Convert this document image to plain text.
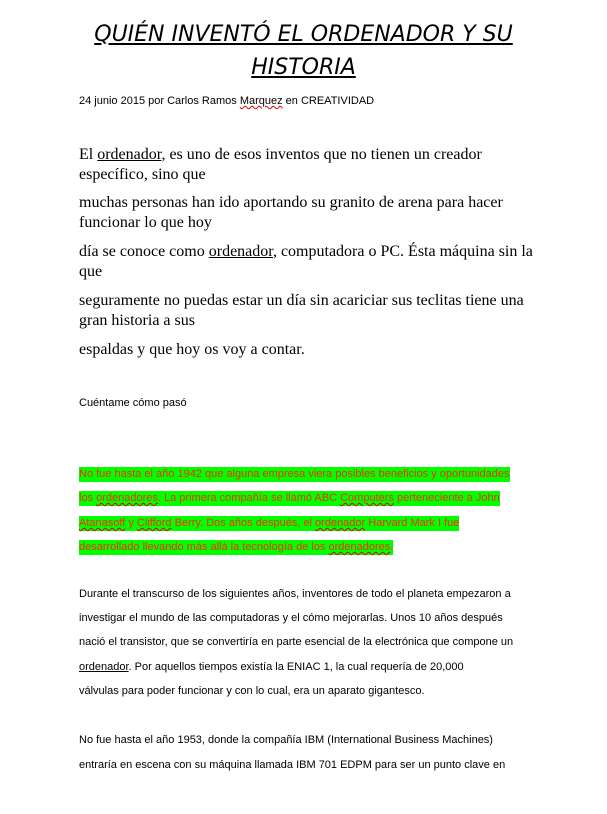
QUIÉN INVENTÓ EL ORDENADOR Y SU
HISTORIA
24 junio 2015 por Carlos Ramos Marquez en CREATIVIDAD
El ordenador, es uno de esos inventos que no tienen un creador específico, sino que
muchas personas han ido aportando su granito de arena para hacer funcionar lo que hoy
día se conoce como ordenador, computadora o PC. Ésta máquina sin la que
seguramente no puedas estar un día sin acariciar sus teclitas tiene una gran historia a sus
espaldas y que hoy os voy a contar.
Cuéntame cómo pasó
No fue hasta el año 1942 que alguna empresa viera posibles beneficios y oportunidades
los ordenadores. La primera compañía se llamó ABC Computers perteneciente a John
Atanasoff y Clifford Berry. Dos años después, el ordenador Harvard Mark I fue
desarrollado llevando más allá la tecnología de los ordenadores.
Durante el transcurso de los siguientes años, inventores de todo el planeta empezaron a
investigar el mundo de las computadoras y el cómo mejorarlas. Unos 10 años después
nació el transistor, que se convertiría en parte esencial de la electrónica que compone un
ordenador. Por aquellos tiempos existía la ENIAC 1, la cual requería de 20,000
válvulas para poder funcionar y con lo cual, era un aparato gigantesco.
No fue hasta el año 1953, donde la compañía IBM (International Business Machines)
entraría en escena con su máquina llamada IBM 701 EDPM para ser un punto clave en
